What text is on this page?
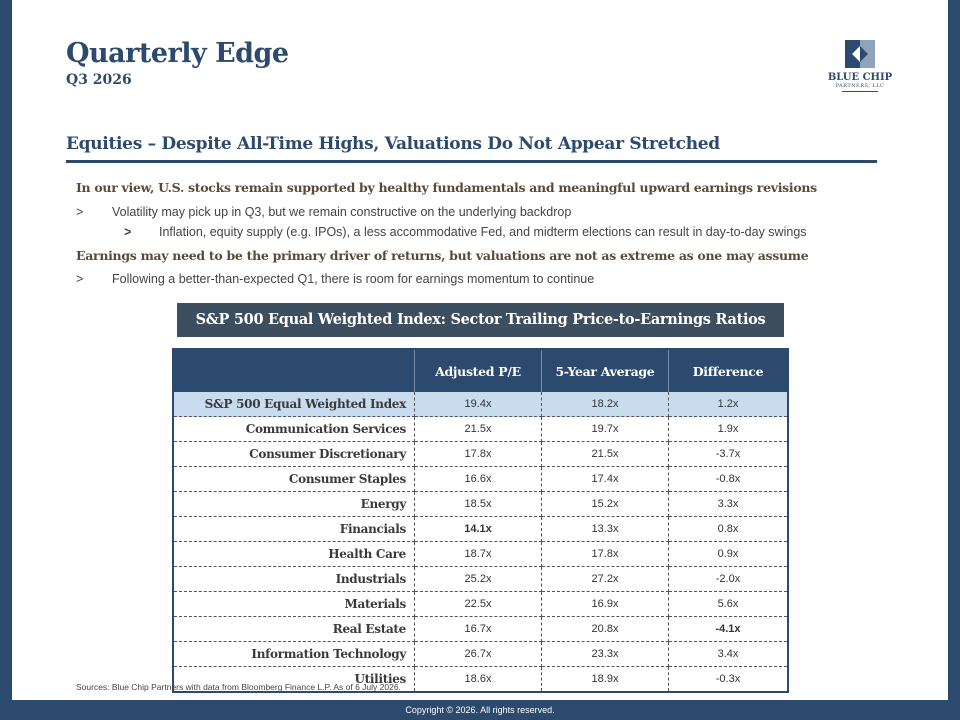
Quarterly Edge
Q3 2026	BLUE CHIP
PARTNERS, LLC
Equities – Despite All-Time Highs, Valuations Do Not Appear Stretched
In our view, U.S. stocks remain supported by healthy fundamentals and meaningful upward earnings revisions
> Volatility may pick up in Q3, but we remain constructive on the underlying backdrop
> Inflation, equity supply (e.g. IPOs), a less accommodative Fed, and midterm elections can result in day-to-day swings
Earnings may need to be the primary driver of returns, but valuations are not as extreme as one may assume
> Following a better-than-expected Q1, there is room for earnings momentum to continue
S&P 500 Equal Weighted Index: Sector Trailing Price-to-Earnings Ratios
	Adjusted P/E	5-Year Average	Difference
S&P 500 Equal Weighted Index	19.4x	18.2x	1.2x
Communication Services	21.5x	19.7x	1.9x
Consumer Discretionary	17.8x	21.5x	-3.7x
Consumer Staples	16.6x	17.4x	-0.8x
Energy	18.5x	15.2x	3.3x
Financials	14.1x	13.3x	0.8x
Health Care	18.7x	17.8x	0.9x
Industrials	25.2x	27.2x	-2.0x
Materials	22.5x	16.9x	5.6x
Real Estate	16.7x	20.8x	-4.1x
Information Technology	26.7x	23.3x	3.4x
Utilities	18.6x	18.9x	-0.3x
Sources: Blue Chip Partners with data from Bloomberg Finance L.P. As of 6 July 2026.
Copyright © 2026. All rights reserved.
